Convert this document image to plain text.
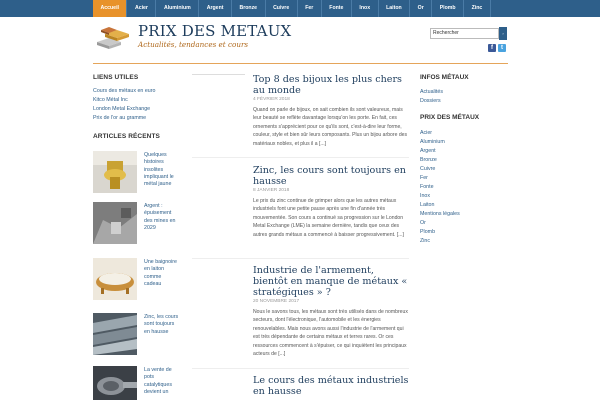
Accueil	Acier	Aluminium	Argent	Bronze	Cuivre	Fer	Fonte	Inox	Laiton	Or	Plomb	Zinc
PRIX DES METAUX
Actualités, tendances et cours
Rechercher	›
f	t
LIENS UTILES
Cours des métaux en euro
Kitco Métal Inc
London Metal Exchange
Prix de l'or au gramme
ARTICLES RÉCENTS
Quelques histoires insolites impliquant le métal jaune
Argent : épuisement des mines en 2029
Une baignoire en laiton comme cadeau
Zinc, les cours sont toujours en hausse
La vente de pots catalytiques devient un
Top 8 des bijoux les plus chers au monde
4 FÉVRIER 2018
Quand on parle de bijoux, on sait combien ils sont valeureux, mais leur beauté se reflète davantage lorsqu'on les porte. En fait, ces ornements s'apprécient pour ce qu'ils sont, c'est-à-dire leur forme, couleur, style et bien sûr leurs composants. Plus un bijou arbore des matériaux nobles, et plus il a [...]
Zinc, les cours sont toujours en hausse
8 JANVIER 2018
Le prix du zinc continue de grimper alors que les autres métaux industriels font une petite pause après une fin d'année très mouvementée. Son cours a continué sa progression sur le London Metal Exchange (LME) la semaine dernière, tandis que ceux des autres grands métaux a commencé à baisser progressivement. [...]
Industrie de l'armement, bientôt en manque de métaux « stratégiques » ?
20 NOVEMBRE 2017
Nous le savons tous, les métaux sont très utilisés dans de nombreux secteurs, dont l'électronique, l'automobile et les énergies renouvelables. Mais nous avons aussi l'industrie de l'armement qui est très dépendante de certains métaux et terres rares. Or ces ressources commencent à s'épuiser, ce qui inquiètent les principaux acteurs de [...]
Le cours des métaux industriels en hausse
INFOS MÉTAUX
Actualités
Dossiers
PRIX DES MÉTAUX
Acier
Aluminium
Argent
Bronze
Cuivre
Fer
Fonte
Inox
Laiton
Mentions légales
Or
Plomb
Zinc
